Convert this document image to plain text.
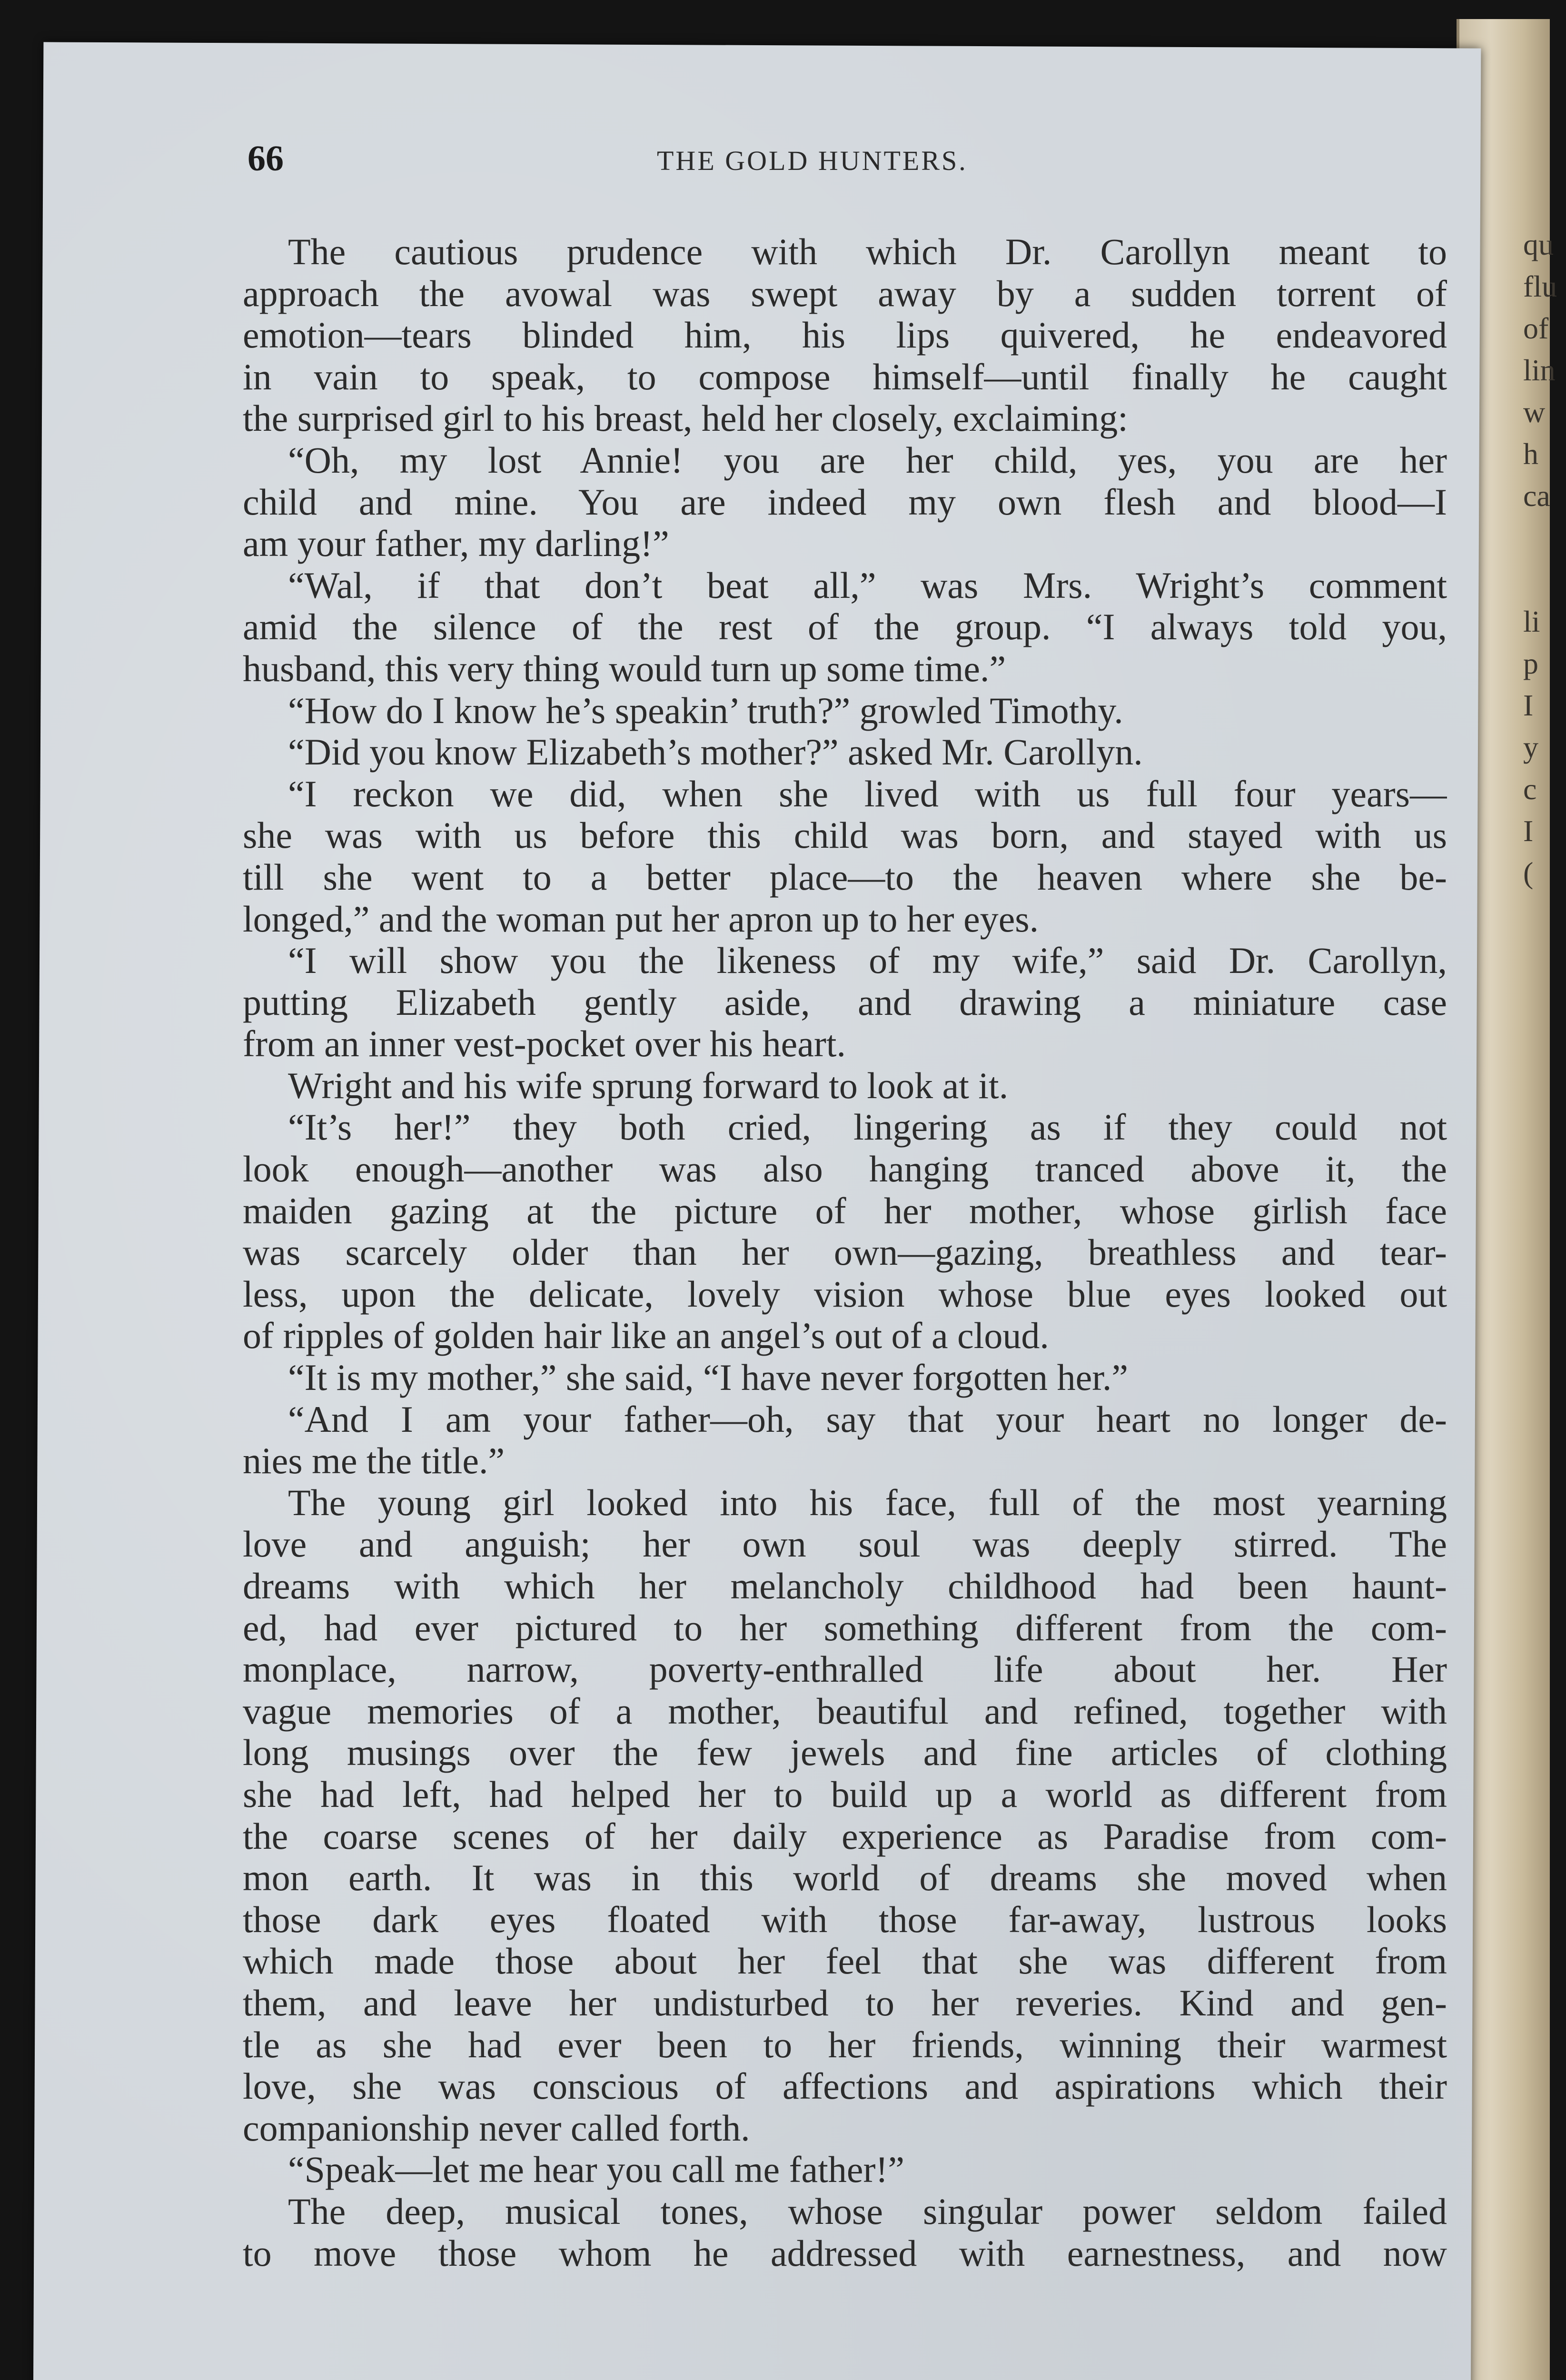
qu
flu
of
lin
w
h
ca
li
p
I
y
c
I
(
66	THE GOLD HUNTERS.
The cautious prudence with which Dr. Carollyn meant to
approach the avowal was swept away by a sudden torrent of
emotion—tears blinded him, his lips quivered, he endeavored
in vain to speak, to compose himself—until finally he caught
the surprised girl to his breast, held her closely, exclaiming:
“Oh, my lost Annie! you are her child, yes, you are her
child and mine. You are indeed my own flesh and blood—I
am your father, my darling!”
“Wal, if that don’t beat all,” was Mrs. Wright’s comment
amid the silence of the rest of the group. “I always told you,
husband, this very thing would turn up some time.”
“How do I know he’s speakin’ truth?” growled Timothy.
“Did you know Elizabeth’s mother?” asked Mr. Carollyn.
“I reckon we did, when she lived with us full four years—
she was with us before this child was born, and stayed with us
till she went to a better place—to the heaven where she be-
longed,” and the woman put her apron up to her eyes.
“I will show you the likeness of my wife,” said Dr. Carollyn,
putting Elizabeth gently aside, and drawing a miniature case
from an inner vest-pocket over his heart.
Wright and his wife sprung forward to look at it.
“It’s her!” they both cried, lingering as if they could not
look enough—another was also hanging tranced above it, the
maiden gazing at the picture of her mother, whose girlish face
was scarcely older than her own—gazing, breathless and tear-
less, upon the delicate, lovely vision whose blue eyes looked out
of ripples of golden hair like an angel’s out of a cloud.
“It is my mother,” she said, “I have never forgotten her.”
“And I am your father—oh, say that your heart no longer de-
nies me the title.”
The young girl looked into his face, full of the most yearning
love and anguish; her own soul was deeply stirred. The
dreams with which her melancholy childhood had been haunt-
ed, had ever pictured to her something different from the com-
monplace, narrow, poverty-enthralled life about her. Her
vague memories of a mother, beautiful and refined, together with
long musings over the few jewels and fine articles of clothing
she had left, had helped her to build up a world as different from
the coarse scenes of her daily experience as Paradise from com-
mon earth. It was in this world of dreams she moved when
those dark eyes floated with those far-away, lustrous looks
which made those about her feel that she was different from
them, and leave her undisturbed to her reveries. Kind and gen-
tle as she had ever been to her friends, winning their warmest
love, she was conscious of affections and aspirations which their
companionship never called forth.
“Speak—let me hear you call me father!”
The deep, musical tones, whose singular power seldom failed
to move those whom he addressed with earnestness, and now
